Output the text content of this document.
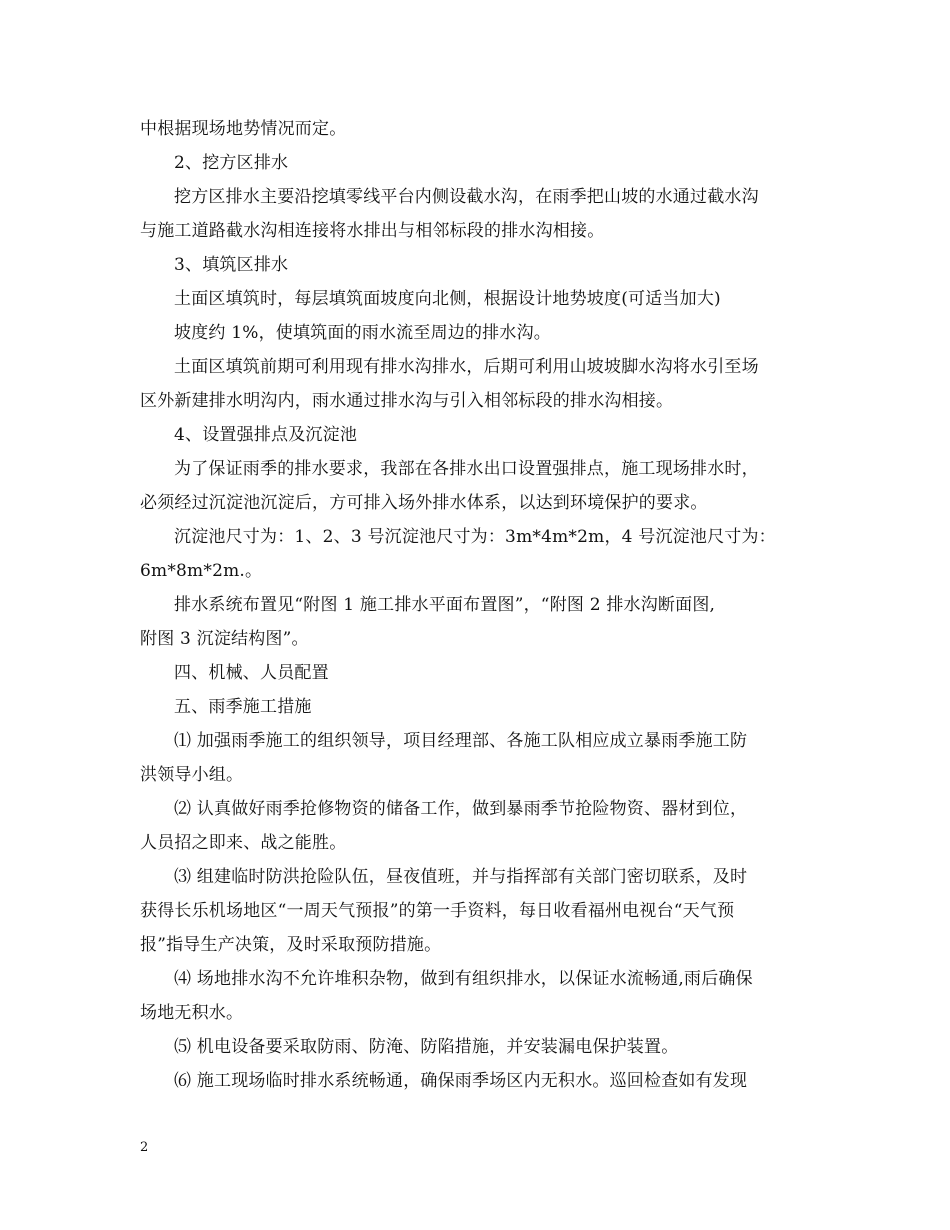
中根据现场地势情况而定。
2、挖方区排水
挖方区排水主要沿挖填零线平台内侧设截水沟，在雨季把山坡的水通过截水沟
与施工道路截水沟相连接将水排出与相邻标段的排水沟相接。
3、填筑区排水
土面区填筑时，每层填筑面坡度向北侧，根据设计地势坡度(可适当加大)
坡度约 1%，使填筑面的雨水流至周边的排水沟。
土面区填筑前期可利用现有排水沟排水，后期可利用山坡坡脚水沟将水引至场
区外新建排水明沟内，雨水通过排水沟与引入相邻标段的排水沟相接。
4、设置强排点及沉淀池
为了保证雨季的排水要求，我部在各排水出口设置强排点，施工现场排水时，
必须经过沉淀池沉淀后，方可排入场外排水体系，以达到环境保护的要求。
沉淀池尺寸为：1、2、3 号沉淀池尺寸为：3m*4m*2m，4 号沉淀池尺寸为：
6m*8m*2m.。
排水系统布置见“附图 1 施工排水平面布置图”，“附图 2 排水沟断面图,
附图 3 沉淀结构图”。
四、机械、人员配置
五、雨季施工措施
⑴ 加强雨季施工的组织领导，项目经理部、各施工队相应成立暴雨季施工防
洪领导小组。
⑵ 认真做好雨季抢修物资的储备工作，做到暴雨季节抢险物资、器材到位，
人员招之即来、战之能胜。
⑶ 组建临时防洪抢险队伍，昼夜值班，并与指挥部有关部门密切联系，及时
获得长乐机场地区“一周天气预报”的第一手资料，每日收看福州电视台“天气预
报”指导生产决策，及时采取预防措施。
⑷ 场地排水沟不允许堆积杂物，做到有组织排水，以保证水流畅通,雨后确保
场地无积水。
⑸ 机电设备要采取防雨、防淹、防陷措施，并安装漏电保护装置。
⑹ 施工现场临时排水系统畅通，确保雨季场区内无积水。巡回检查如有发现
2
